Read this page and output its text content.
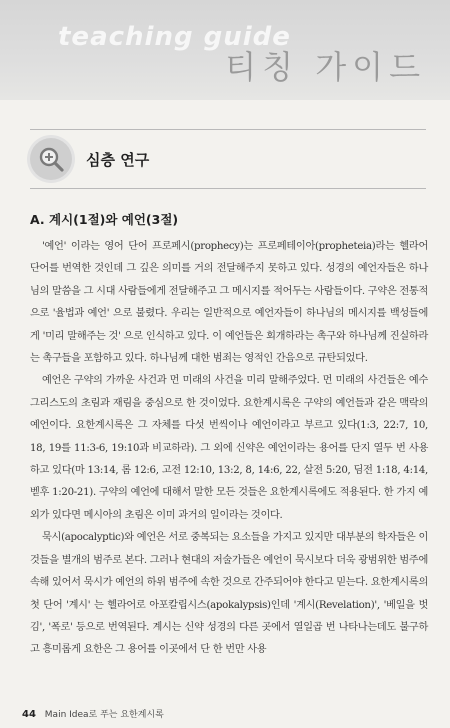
teaching guide
티칭 가이드
심층 연구
A. 계시(1절)와 예언(3절)

'예언' 이라는 영어 단어 프로페시(prophecy)는 프로페테이아(propheteia)라는 헬라어 단어를 번역한 것인데 그 깊은 의미를 거의 전달해주지 못하고 있다. 성경의 예언자들은 하나님의 말씀을 그 시대 사람들에게 전달해주고 그 메시지를 적어두는 사람들이다. 구약은 전통적으로 '율법과 예언' 으로 불렸다. 우리는 일반적으로 예언자들이 하나님의 메시지를 백성들에게 '미리 말해주는 것' 으로 인식하고 있다. 이 예언들은 회개하라는 촉구와 하나님께 진실하라는 촉구들을 포함하고 있다. 하나님께 대한 범죄는 영적인 간음으로 규탄되었다.

예언은 구약의 가까운 사건과 먼 미래의 사건을 미리 말해주었다. 먼 미래의 사건들은 예수 그리스도의 초림과 재림을 중심으로 한 것이었다. 요한계시록은 구약의 예언들과 같은 맥락의 예언이다. 요한계시록은 그 자체를 다섯 번씩이나 예언이라고 부르고 있다(1:3, 22:7, 10, 18, 19를 11:3-6, 19:10과 비교하라). 그 외에 신약은 예언이라는 용어를 단지 열두 번 사용하고 있다(마 13:14, 롬 12:6, 고전 12:10, 13:2, 8, 14:6, 22, 살전 5:20, 딤전 1:18, 4:14, 벧후 1:20-21). 구약의 예언에 대해서 말한 모든 것들은 요한계시록에도 적용된다. 한 가지 예외가 있다면 메시아의 초림은 이미 과거의 일이라는 것이다.

묵시(apocalyptic)와 예언은 서로 중복되는 요소들을 가지고 있지만 대부분의 학자들은 이것들을 별개의 범주로 본다. 그러나 현대의 저술가들은 예언이 묵시보다 더욱 광범위한 범주에 속해 있어서 묵시가 예언의 하위 범주에 속한 것으로 간주되어야 한다고 믿는다. 요한계시록의 첫 단어 '계시' 는 헬라어로 아포칼립시스(apokalypsis)인데 '계시(Revelation)', '베일을 벗김', '폭로' 등으로 번역된다. 계시는 신약 성경의 다른 곳에서 열일곱 번 나타나는데도 불구하고 흥미롭게 요한은 그 용어를 이곳에서 단 한 번만 사용

44 Main Idea로 푸는 요한계시록
